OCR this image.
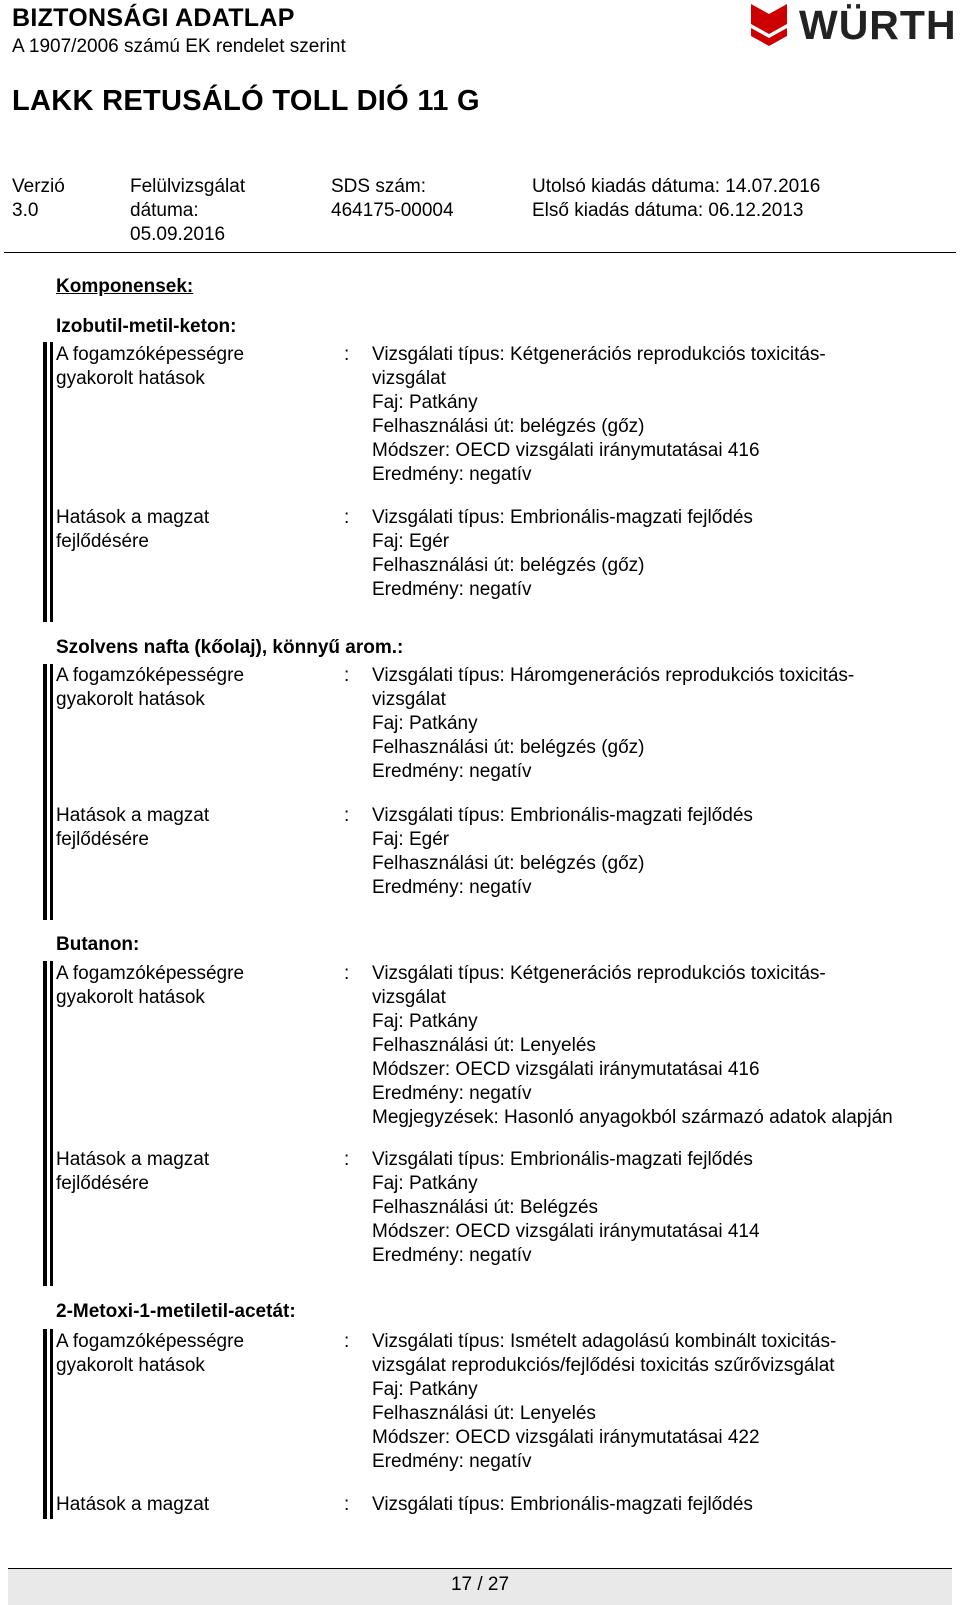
BIZTONSÁGI ADATLAP
A 1907/2006 számú EK rendelet szerint	WÜRTH
LAKK RETUSÁLÓ TOLL DIÓ 11 G
Verzió
3.0
Felülvizsgálat
dátuma:
05.09.2016
SDS szám:
464175-00004
Utolsó kiadás dátuma: 14.07.2016
Első kiadás dátuma: 06.12.2013
Komponensek:
Izobutil-metil-keton:
A fogamzóképességre
gyakorolt hatások
: Vizsgálati típus: Kétgenerációs reprodukciós toxicitás-
vizsgálat
Faj: Patkány
Felhasználási út: belégzés (gőz)
Módszer: OECD vizsgálati iránymutatásai 416
Eredmény: negatív
Hatások a magzat
fejlődésére
: Vizsgálati típus: Embrionális-magzati fejlődés
Faj: Egér
Felhasználási út: belégzés (gőz)
Eredmény: negatív
Szolvens nafta (kőolaj), könnyű arom.:
A fogamzóképességre
gyakorolt hatások
: Vizsgálati típus: Háromgenerációs reprodukciós toxicitás-
vizsgálat
Faj: Patkány
Felhasználási út: belégzés (gőz)
Eredmény: negatív
Hatások a magzat
fejlődésére
: Vizsgálati típus: Embrionális-magzati fejlődés
Faj: Egér
Felhasználási út: belégzés (gőz)
Eredmény: negatív
Butanon:
A fogamzóképességre
gyakorolt hatások
: Vizsgálati típus: Kétgenerációs reprodukciós toxicitás-
vizsgálat
Faj: Patkány
Felhasználási út: Lenyelés
Módszer: OECD vizsgálati iránymutatásai 416
Eredmény: negatív
Megjegyzések: Hasonló anyagokból származó adatok alapján
Hatások a magzat
fejlődésére
: Vizsgálati típus: Embrionális-magzati fejlődés
Faj: Patkány
Felhasználási út: Belégzés
Módszer: OECD vizsgálati iránymutatásai 414
Eredmény: negatív
2-Metoxi-1-metiletil-acetát:
A fogamzóképességre
gyakorolt hatások
: Vizsgálati típus: Ismételt adagolású kombinált toxicitás-
vizsgálat reprodukciós/fejlődési toxicitás szűrővizsgálat
Faj: Patkány
Felhasználási út: Lenyelés
Módszer: OECD vizsgálati iránymutatásai 422
Eredmény: negatív
Hatások a magzat	: Vizsgálati típus: Embrionális-magzati fejlődés
17 / 27
